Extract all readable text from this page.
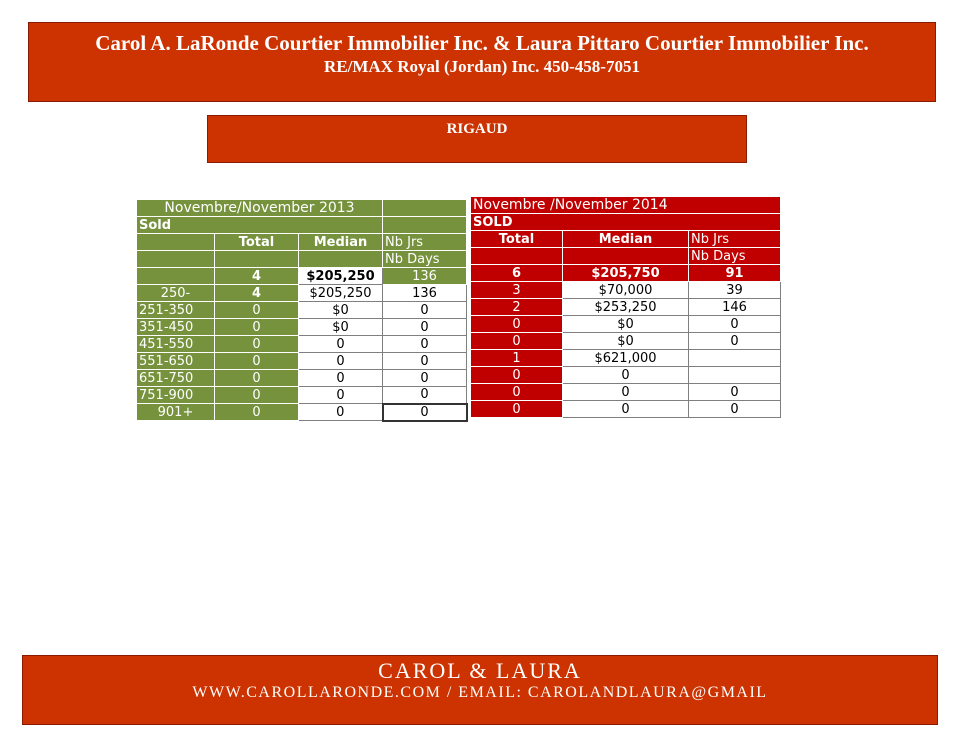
Carol A. LaRonde Courtier Immobilier Inc. & Laura Pittaro Courtier Immobilier Inc.
RE/MAX Royal (Jordan) Inc. 450-458-7051
RIGAUD
Novembre/November 2013			
Sold			
	Total	Median	Nb Jrs
			Nb Days
	4	$205,250	136
250-	4	$205,250	136
251-350	0	$0	0
351-450	0	$0	0
451-550	0	0	0
551-650	0	0	0
651-750	0	0	0
751-900	0	0	0
901+	0	0	0
Novembre /November 2014		
SOLD		
Total	Median	Nb Jrs
		Nb Days
6	$205,750	91
3	$70,000	39
2	$253,250	146
0	$0	0
0	$0	0
1	$621,000	
0	0	
0	0	0
0	0	0
CAROL & LAURA
WWW.CAROLLARONDE.COM / EMAIL: CAROLANDLAURA@GMAIL
